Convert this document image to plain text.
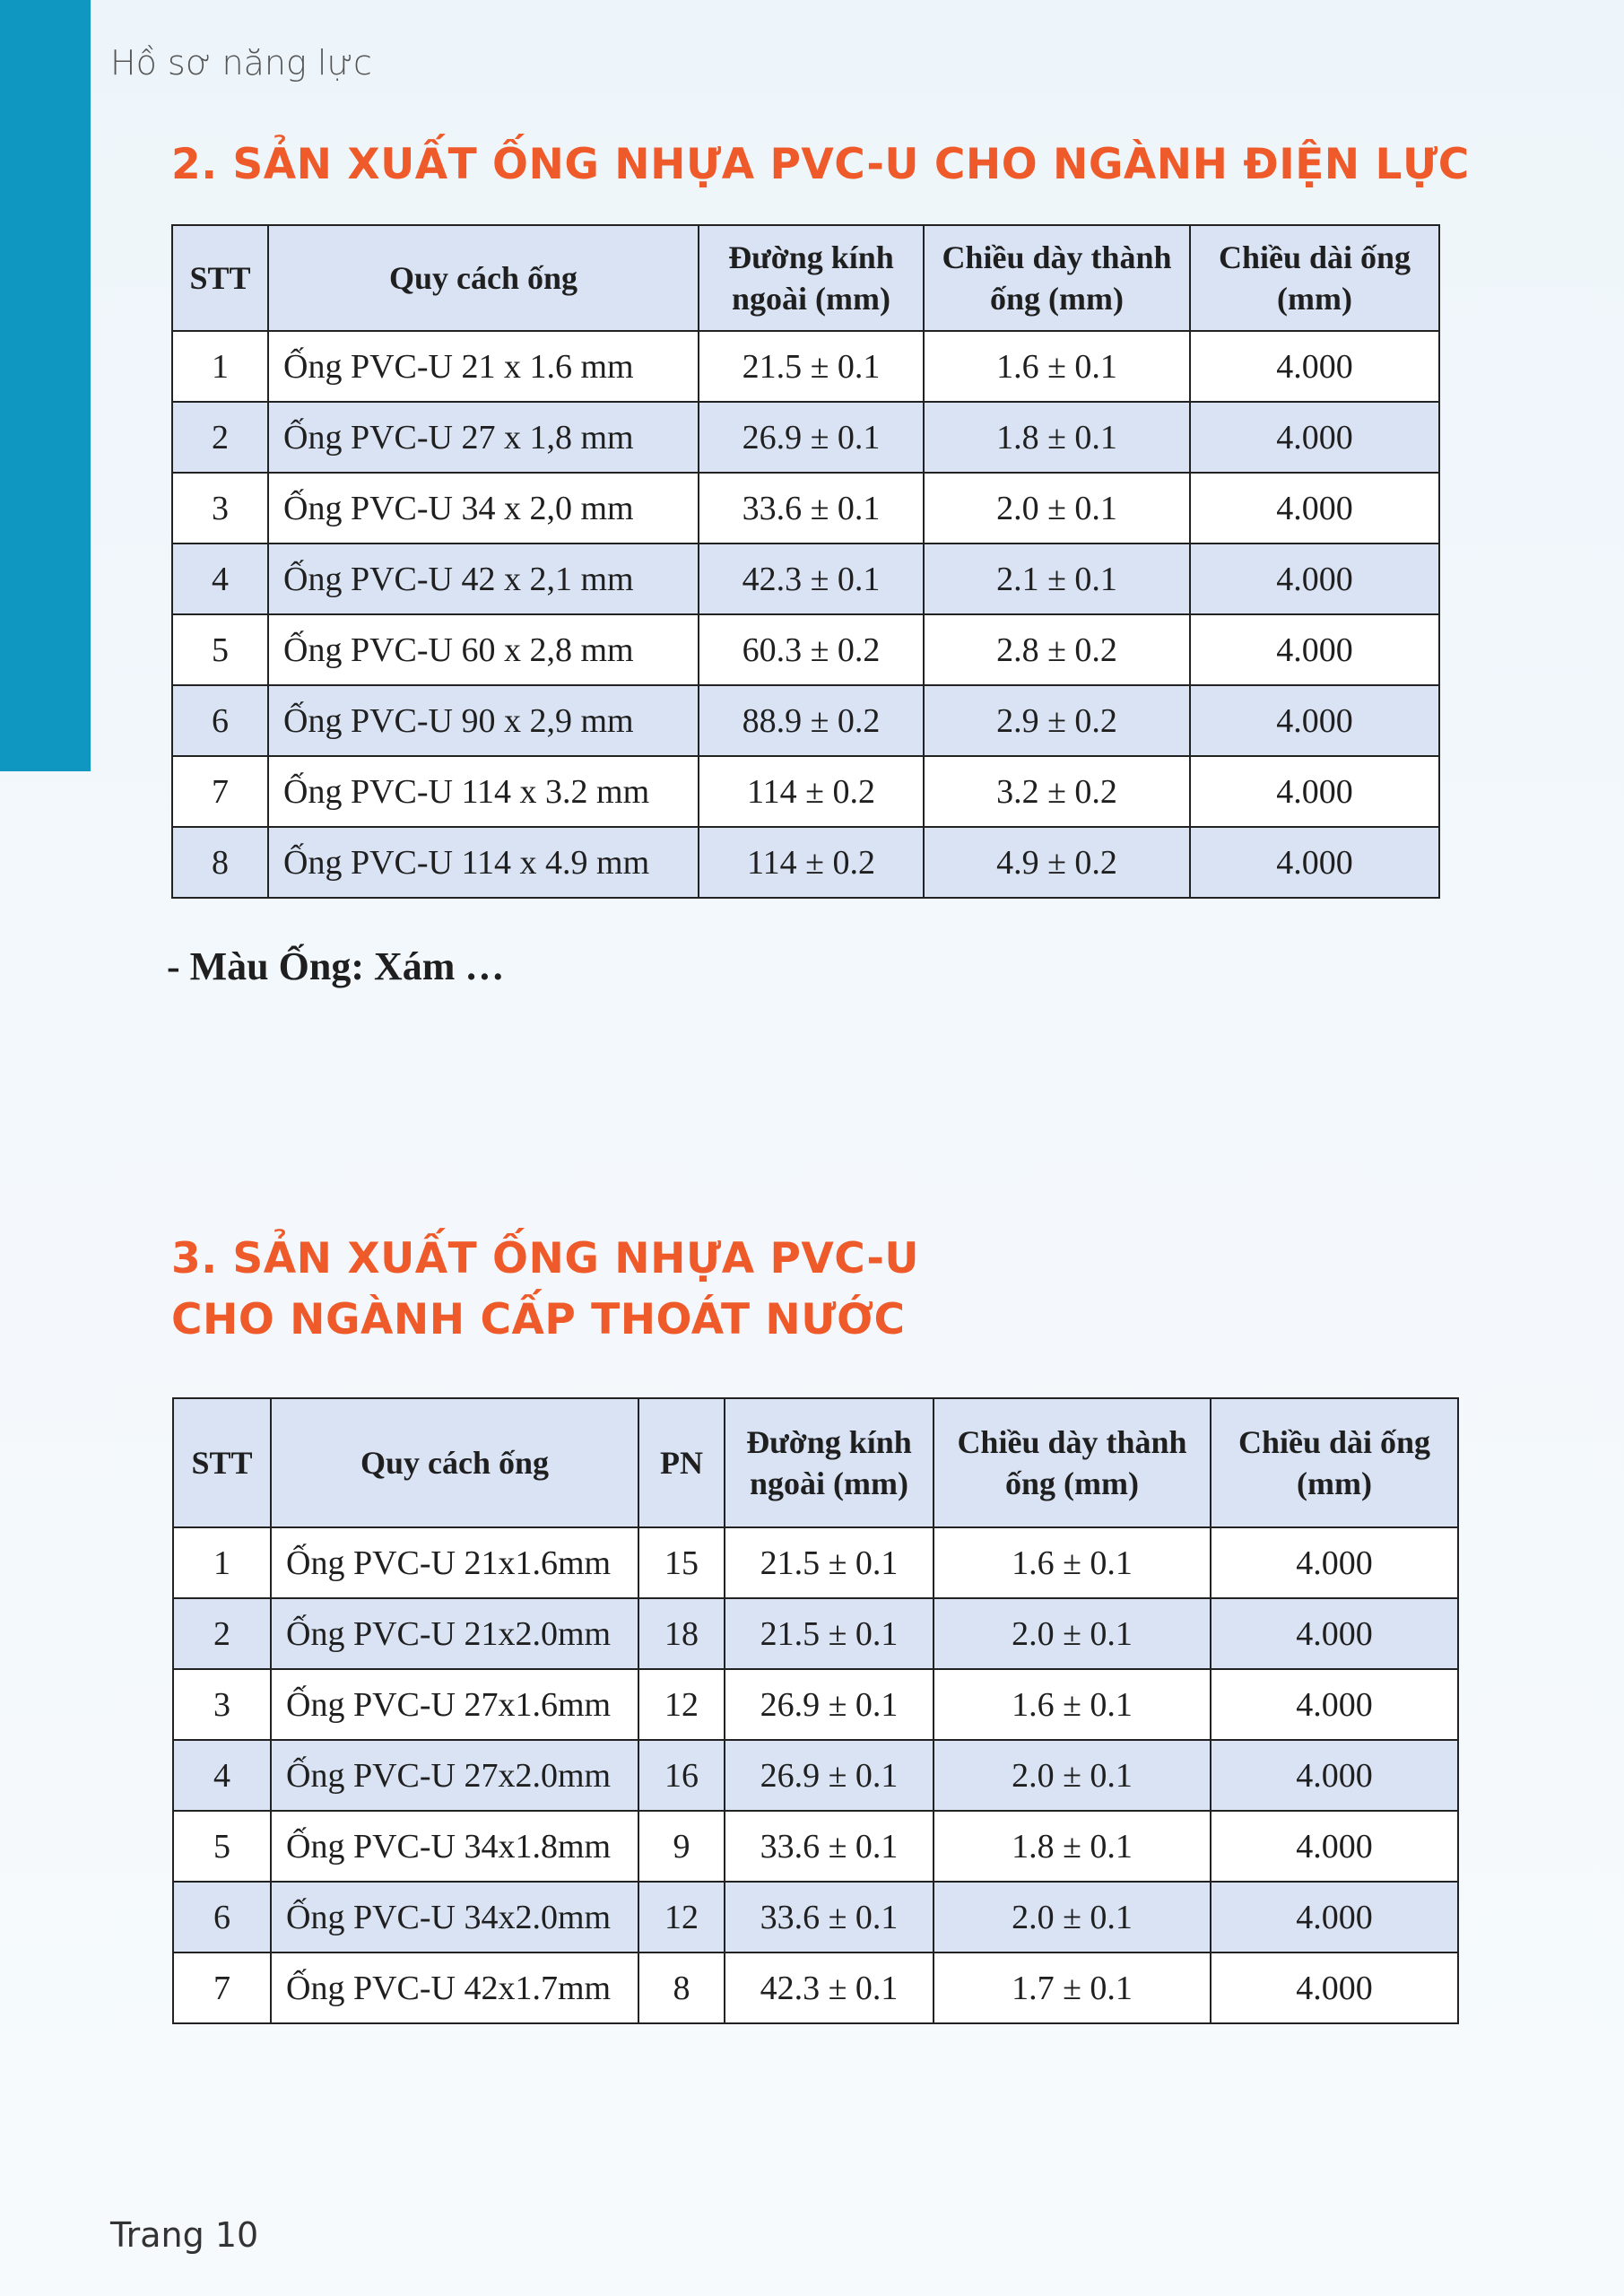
Hồ sơ năng lực
2. SẢN XUẤT ỐNG NHỰA PVC-U CHO NGÀNH ĐIỆN LỰC
STT	Quy cách ống	Đường kính ngoài (mm)	Chiều dày thành ống (mm)	Chiều dài ống (mm)
1	Ống PVC-U 21 x 1.6 mm	21.5 ± 0.1	1.6 ± 0.1	4.000
2	Ống PVC-U 27 x 1,8 mm	26.9 ± 0.1	1.8 ± 0.1	4.000
3	Ống PVC-U 34 x 2,0 mm	33.6 ± 0.1	2.0 ± 0.1	4.000
4	Ống PVC-U 42 x 2,1 mm	42.3 ± 0.1	2.1 ± 0.1	4.000
5	Ống PVC-U 60 x 2,8 mm	60.3 ± 0.2	2.8 ± 0.2	4.000
6	Ống PVC-U 90 x 2,9 mm	88.9 ± 0.2	2.9 ± 0.2	4.000
7	Ống PVC-U 114 x 3.2 mm	114 ± 0.2	3.2 ± 0.2	4.000
8	Ống PVC-U 114 x 4.9 mm	114 ± 0.2	4.9 ± 0.2	4.000
- Màu Ống: Xám …
3. SẢN XUẤT ỐNG NHỰA PVC-U
CHO NGÀNH CẤP THOÁT NƯỚC
STT	Quy cách ống	PN	Đường kính ngoài (mm)	Chiều dày thành ống (mm)	Chiều dài ống (mm)
1	Ống PVC-U 21x1.6mm	15	21.5 ± 0.1	1.6 ± 0.1	4.000
2	Ống PVC-U 21x2.0mm	18	21.5 ± 0.1	2.0 ± 0.1	4.000
3	Ống PVC-U 27x1.6mm	12	26.9 ± 0.1	1.6 ± 0.1	4.000
4	Ống PVC-U 27x2.0mm	16	26.9 ± 0.1	2.0 ± 0.1	4.000
5	Ống PVC-U 34x1.8mm	9	33.6 ± 0.1	1.8 ± 0.1	4.000
6	Ống PVC-U 34x2.0mm	12	33.6 ± 0.1	2.0 ± 0.1	4.000
7	Ống PVC-U 42x1.7mm	8	42.3 ± 0.1	1.7 ± 0.1	4.000
Trang 10
